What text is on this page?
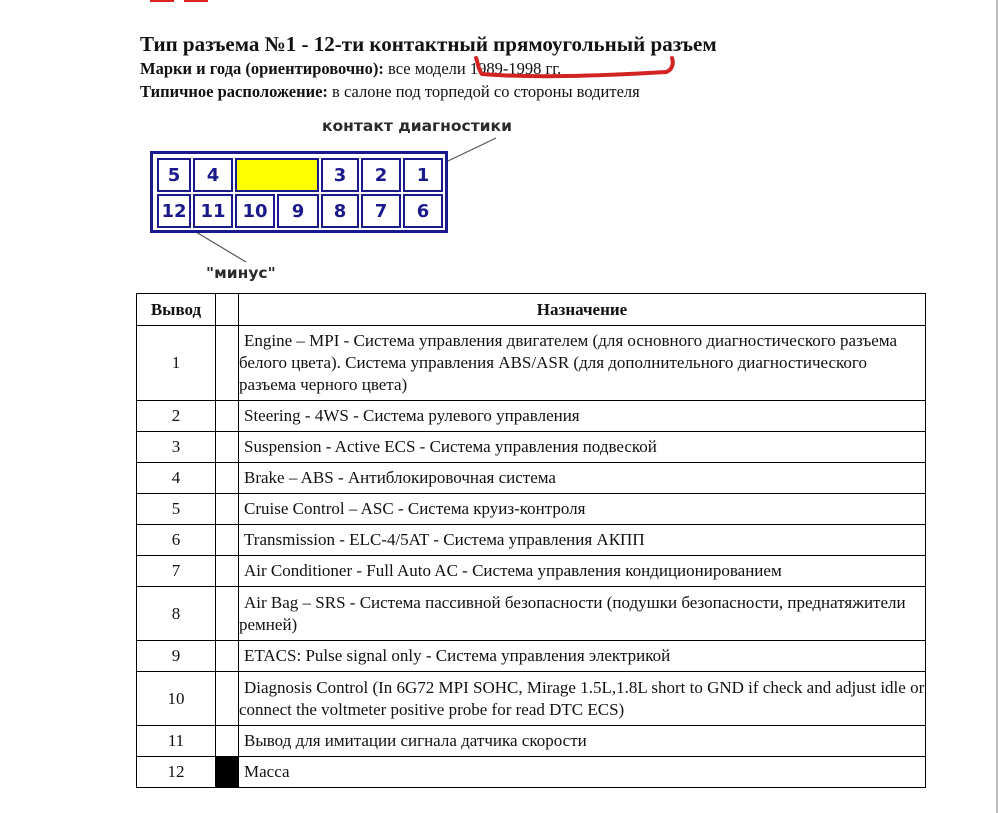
Тип разъема №1 - 12-ти контактный прямоугольный разъем
Марки и года (ориентировочно): все модели 1989-1998 гг.
Типичное расположение: в салоне под торпедой со стороны водителя
контакт диагностики
5	4	3	2	1
12 11 10	9	8	7	6
"минус"
Вывод		Назначение
1		Engine – MPI - Система управления двигателем (для основного диагностического разъема белого цвета). Система управления ABS/ASR (для дополнительного диагностического разъема черного цвета)
2		Steering - 4WS - Система рулевого управления
3		Suspension - Active ECS - Система управления подвеской
4		Brake – ABS - Антиблокировочная система
5		Cruise Control – ASC - Система круиз-контроля
6		Transmission - ELC-4/5AT - Система управления АКПП
7		Air Conditioner - Full Auto AC - Система управления кондиционированием
8		Air Bag – SRS - Система пассивной безопасности (подушки безопасности, преднатяжители ремней)
9		ETACS: Pulse signal only - Система управления электрикой
10		Diagnosis Control (In 6G72 MPI SOHC, Mirage 1.5L,1.8L short to GND if check and adjust idle or connect the voltmeter positive probe for read DTC ECS)
11		Вывод для имитации сигнала датчика скорости
12		Масса
